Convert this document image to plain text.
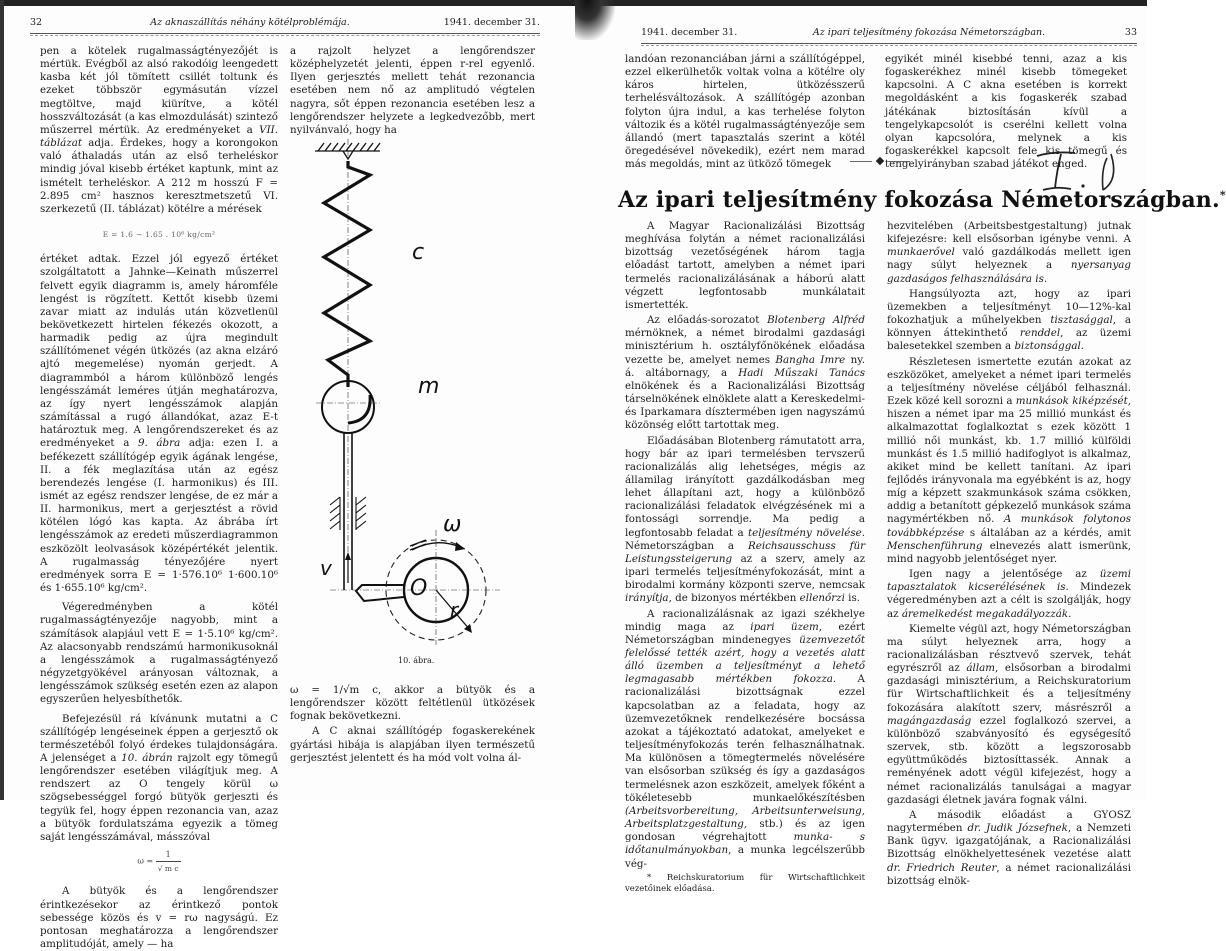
32	Az aknaszállítás néhány kötélproblémája.	1941. december 31.

pen a kötelek rugalmasságtényezőjét is mértük. Evégből az alsó rakodóig leengedett kasba két jól tömített csillét toltunk és ezeket többször egymásután vízzel megtöltve, majd kiürítve, a kötél hosszváltozását (a kas elmozdulását) szintező műszerrel mértük. Az eredményeket a VII. táblázat adja. Érdekes, hogy a korongokon való áthaladás után az első terheléskor mindig jóval kisebb értéket kaptunk, mint az ismételt terheléskor. A 212 m hosszú F = 2.895 cm² hasznos keresztmetszetű VI. szerkezetű (II. táblázat) kötélre a mérések

E = 1.6 ∼ 1.65 . 10⁶ kg/cm²

értéket adtak. Ezzel jól egyező értéket szolgáltatott a Jahnke—Keinath műszerrel felvett egyik diagramm is, amely háromféle lengést is rögzített. Kettőt kisebb üzemi zavar miatt az indulás után közvetlenül bekövetkezett hirtelen fékezés okozott, a harmadik pedig az újra megindult szállítómenet végén ütközés (az akna elzáró ajtó megemelése) nyomán gerjedt. A diagrammból a három különböző lengés lengésszámát leméres útján meghatározva, az így nyert lengésszámok alapján számítással a rugó állandókat, azaz E-t határoztuk meg. A lengőrendszereket és az eredményeket a 9. ábra adja: ezen I. a befékezett szállítógép egyik ágának lengése, II. a fék meglazítása után az egész berendezés lengése (I. harmonikus) és III. ismét az egész rendszer lengése, de ez már a II. harmonikus, mert a gerjesztést a rövid kötélen lógó kas kapta. Az ábrába írt lengésszámok az eredeti műszerdiagrammon eszközölt leolvasások középértékét jelentik. A rugalmasság tényezőjére nyert eredmények sorra E = 1·576.10⁶ 1·600.10⁶ és 1·655.10⁶ kg/cm².

Végeredményben a kötél rugalmasságtényezője nagyobb, mint a számítások alapjául vett E = 1·5.10⁶ kg/cm². Az alacsonyabb rendszámú harmonikusoknál a lengésszámok a rugalmasságtényező négyzetgyökével arányosan változnak, a lengésszámok szükség esetén ezen az alapon egyszerűen helyesbíthetők.

Befejezésül rá kívánunk mutatni a C szállítógép lengéseinek éppen a gerjesztő ok természetéből folyó érdekes tulajdonságára. A jelenséget a 10. ábrán rajzolt egy tömegű lengőrendszer esetében világítjuk meg. A rendszert az O tengely körül ω szögsebességgel forgó bütyök gerjeszti és tegyük fel, hogy éppen rezonancia van, azaz a bütyök fordulatszáma egyezik a tömeg saját lengésszámával, másszóval

$\omega = \frac{1}{\text{√ m c}}$

A bütyök és a lengőrendszer érintkezésekor az érintkező pontok sebessége közös és v = rω nagyságú. Ez pontosan meghatározza a lengőrendszer amplitudóját, amely — ha

a rajzolt helyzet a lengőrendszer középhelyzetét jelenti, éppen r-rel egyenlő. Ilyen gerjesztés mellett tehát rezonancia esetében nem nő az amplitudó végtelen nagyra, sőt éppen rezonancia esetében lesz a lengőrendszer helyzete a legkedvezőbb, mert nyilvánvaló, hogy ha

c
m
v
O
r
ω
10. ábra.

ω = 1/√m c, akkor a bütyök és a lengőrendszer között feltétlenül ütközések fognak bekövetkezni.

A C aknai szállítógép fogaskerekének gyártási hibája is alapjában ilyen természetű gerjesztést jelentett és ha mód volt volna ál-

1941. december 31.	Az ipari teljesítmény fokozása Németországban.	33

landóan rezonanciában járni a szállítógéppel, ezzel elkerülhetők voltak volna a kötélre oly káros hirtelen, ütközésszerű terhelésváltozások. A szállítógép azonban folyton újra indul, a kas terhelése folyton változik és a kötél rugalmasságtényezője sem állandó (mert tapasztalás szerint a kötél öregedésével növekedik), ezért nem marad más megoldás, mint az ütköző tömegek

egyikét minél kisebbé tenni, azaz a kis fogaskerékhez minél kisebb tömegeket kapcsolni. A C akna esetében is korrekt megoldásként a kis fogaskerék szabad játékának biztosításán kívül a tengelykapcsolót is cserélni kellett volna olyan kapcsolóra, melynek a kis fogaskerékkel kapcsolt fele kis tömegű és tengelyirányban szabad játékot enged.

Az ipari teljesítmény fokozása Németországban.*

A Magyar Racionalizálási Bizottság meghívása folytán a német racionalizálási bizottság vezetőségének három tagja előadást tartott, amelyben a német ipari termelés racionalizálásának a háború alatt végzett legfontosabb munkálatait ismertették.

Az előadás-sorozatot Blotenberg Alfréd mérnöknek, a német birodalmi gazdasági minisztérium h. osztályfőnökének előadása vezette be, amelyet nemes Bangha Imre ny. á. altábornagy, a Hadi Műszaki Tanács elnökének és a Racionalizálási Bizottság társelnökének elnöklete alatt a Kereskedelmi- és Iparkamara dísztermében igen nagyszámú közönség előtt tartottak meg.

Előadásában Blotenberg rámutatott arra, hogy bár az ipari termelésben tervszerű racionalizálás alig lehetséges, mégis az államilag irányított gazdálkodásban meg lehet állapítani azt, hogy a különböző racionalizálási feladatok elvégzésének mi a fontossági sorrendje. Ma pedig a legfontosabb feladat a teljesítmény növelése. Németországban a Reichsausschuss für Leistungssteigerung az a szerv, amely az ipari termelés teljesítményfokozását, mint a birodalmi kormány központi szerve, nemcsak irányítja, de bizonyos mértékben ellenőrzi is.

A racionalizálásnak az igazi székhelye mindig maga az ipari üzem, ezért Németországban mindenegyes üzemvezetőt felelőssé tették azért, hogy a vezetés alatt álló üzemben a teljesítményt a lehető legmagasabb mértékben fokozza. A racionalizálási bizottságnak ezzel kapcsolatban az a feladata, hogy az üzemvezetőknek rendelkezésére bocsássa azokat a tájékoztató adatokat, amelyeket e teljesítményfokozás terén felhasználhatnak. Ma különösen a tömegtermelés növelésére van elsősorban szükség és így a gazdaságos termelésnek azon eszközeit, amelyek főként a tökéletesebb munkaelőkészítésben (Arbeitsvorbereitung, Arbeitsunterweisung, Arbeitsplatzgestaltung, stb.) és az igen gondosan végrehajtott munka- s időtanulmányokban, a munka legcélszerűbb vég-

* Reichskuratorium für Wirtschaftlichkeit vezetőinek előadása.

hezvitelében (Arbeitsbestgestaltung) jutnak kifejezésre: kell elsősorban igénybe venni. A munkaerővel való gazdálkodás mellett igen nagy súlyt helyeznek a nyersanyag gazdaságos felhasználására is.

Hangsúlyozta azt, hogy az ipari üzemekben a teljesítményt 10—12%-kal fokozhatjuk a műhelyekben tisztasággal, a könnyen áttekinthető renddel, az üzemi balesetekkel szemben a biztonsággal.

Részletesen ismertette ezután azokat az eszközöket, amelyeket a német ipari termelés a teljesítmény növelése céljából felhasznál. Ezek közé kell sorozni a munkások kiképzését, hiszen a német ipar ma 25 millió munkást és alkalmazottat foglalkoztat s ezek között 1 millió női munkást, kb. 1.7 millió külföldi munkást és 1.5 millió hadifoglyot is alkalmaz, akiket mind be kellett tanítani. Az ipari fejlődés irányvonala ma egyébként is az, hogy míg a képzett szakmunkások száma csökken, addig a betanított gépkezelő munkások száma nagymértékben nő. A munkások folytonos továbbképzése s általában az a kérdés, amit Menschenführung elnevezés alatt ismerünk, mind nagyobb jelentőséget nyer.

Igen nagy a jelentősége az üzemi tapasztalatok kicserélésének is. Mindezek végeredményben azt a célt is szolgálják, hogy az áremelkedést megakadályozzák.

Kiemelte végül azt, hogy Németországban ma súlyt helyeznek arra, hogy a racionalizálásban résztvevő szervek, tehát egyrészről az állam, elsősorban a birodalmi gazdasági minisztérium, a Reichskuratorium für Wirtschaftlichkeit és a teljesítmény fokozására alakított szerv, másrészről a magángazdaság ezzel foglalkozó szervei, a különböző szabványosító és egységesítő szervek, stb. között a legszorosabb együttműködés biztosíttassék. Annak a reményének adott végül kifejezést, hogy a német racionalizálás tanulságai a magyar gazdasági életnek javára fognak válni.

A második előadást a GYOSZ nagytermében dr. Judik Józsefnek, a Nemzeti Bank ügyv. igazgatójának, a Racionalizálási Bizottság elnökhelyettesének vezetése alatt dr. Friedrich Reuter, a német racionalizálási bizottság elnök-
